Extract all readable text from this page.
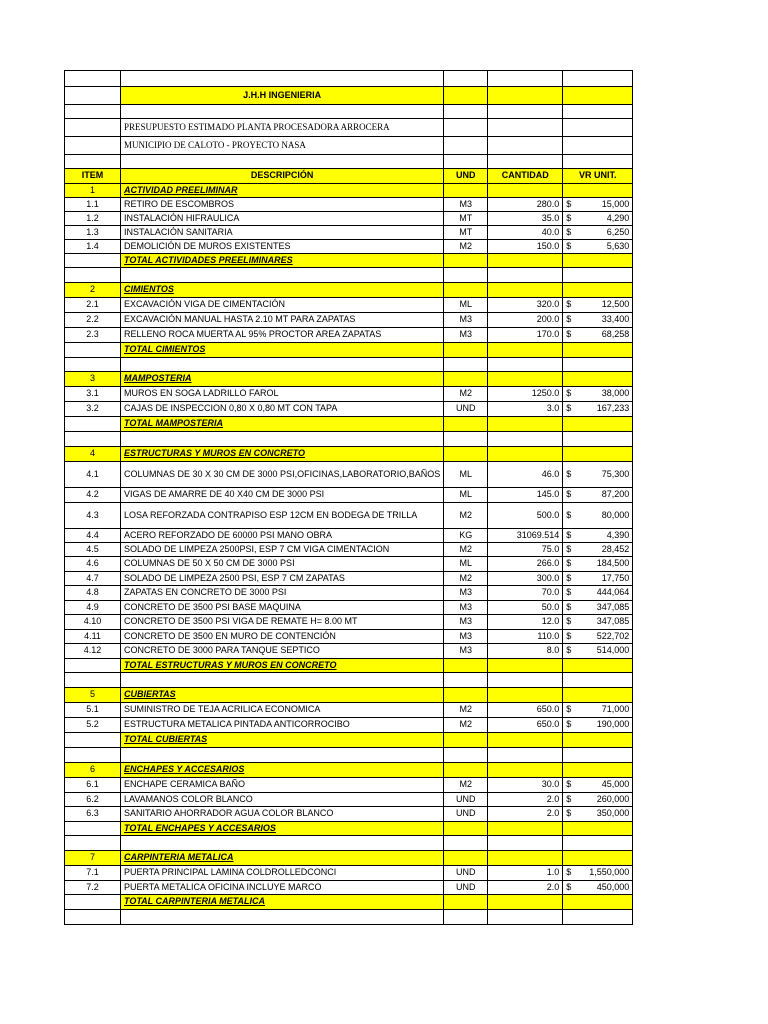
	J.H.H INGENIERIA			

	PRESUPUESTO ESTIMADO PLANTA PROCESADORA ARROCERA			
	MUNICIPIO DE CALOTO - PROYECTO NASA			

ITEM	DESCRIPCIÓN	UND	CANTIDAD	VR UNIT.
1	ACTIVIDAD PREELIMINAR			
1.1	RETIRO DE ESCOMBROS	M3	280.0	$ 15,000

1.2	INSTALACIÓN HIFRAULICA	MT	35.0	$ 4,290

1.3	INSTALACIÓN SANITARIA	MT	40.0	$ 6,250

1.4	DEMOLICIÓN DE MUROS EXISTENTES	M2	150.0	$ 5,630

	TOTAL ACTIVIDADES PREELIMINARES			

2	CIMIENTOS			
2.1	EXCAVACIÓN VIGA DE CIMENTACIÓN	ML	320.0	$ 12,500

2.2	EXCAVACIÓN MANUAL HASTA 2.10 MT PARA ZAPATAS	M3	200.0	$ 33,400

2.3	RELLENO ROCA MUERTA AL 95% PROCTOR AREA ZAPATAS	M3	170.0	$ 68,258

	TOTAL CIMIENTOS			

3	MAMPOSTERIA			
3.1	MUROS EN SOGA LADRILLO FAROL	M2	1250.0	$ 38,000

3.2	CAJAS DE INSPECCION 0,80 X 0,80 MT CON TAPA	UND	3.0	$ 167,233

	TOTAL MAMPOSTERIA			

4	ESTRUCTURAS Y MUROS EN CONCRETO			
4.1	COLUMNAS DE 30 X 30 CM DE 3000 PSI,OFICINAS,LABORATORIO,BAÑOS	ML	46.0	$ 75,300

4.2	VIGAS DE AMARRE DE 40 X40 CM DE 3000 PSI	ML	145.0	$ 87,200

4.3	LOSA REFORZADA CONTRAPISO ESP 12CM EN BODEGA DE TRILLA	M2	500.0	$ 80,000

4.4	ACERO REFORZADO DE 60000 PSI MANO OBRA	KG	31069.514	$ 4,390

4.5	SOLADO DE LIMPEZA 2500PSI, ESP 7 CM VIGA CIMENTACION	M2	75.0	$ 28,452

4.6	COLUMNAS DE 50 X 50 CM DE 3000 PSI	ML	266.0	$ 184,500

4.7	SOLADO DE LIMPEZA 2500 PSI, ESP 7 CM ZAPATAS	M2	300.0	$ 17,750

4.8	ZAPATAS EN CONCRETO DE 3000 PSI	M3	70.0	$ 444,064

4.9	CONCRETO DE 3500 PSI BASE MAQUINA	M3	50.0	$ 347,085

4.10	CONCRETO DE 3500 PSI VIGA DE REMATE H= 8.00 MT	M3	12.0	$ 347,085

4.11	CONCRETO DE 3500 EN MURO DE CONTENCIÓN	M3	110.0	$ 522,702

4.12	CONCRETO DE 3000 PARA TANQUE SEPTICO	M3	8.0	$ 514,000

	TOTAL ESTRUCTURAS Y MUROS EN CONCRETO			

5	CUBIERTAS			
5.1	SUMINISTRO DE TEJA ACRILICA ECONOMICA	M2	650.0	$ 71,000

5.2	ESTRUCTURA METALICA PINTADA ANTICORROCIBO	M2	650.0	$ 190,000

	TOTAL CUBIERTAS			

6	ENCHAPES Y ACCESARIOS			
6.1	ENCHAPE CERAMICA BAÑO	M2	30.0	$ 45,000

6.2	LAVAMANOS COLOR BLANCO	UND	2.0	$ 260,000

6.3	SANITARIO AHORRADOR AGUA COLOR BLANCO	UND	2.0	$ 350,000

	TOTAL ENCHAPES Y ACCESARIOS			

7	CARPINTERIA METALICA			
7.1	PUERTA PRINCIPAL LAMINA COLDROLLEDCONCI	UND	1.0	$ 1,550,000

7.2	PUERTA METALICA OFICINA INCLUYE MARCO	UND	2.0	$ 450,000

	TOTAL CARPINTERIA METALICA			
